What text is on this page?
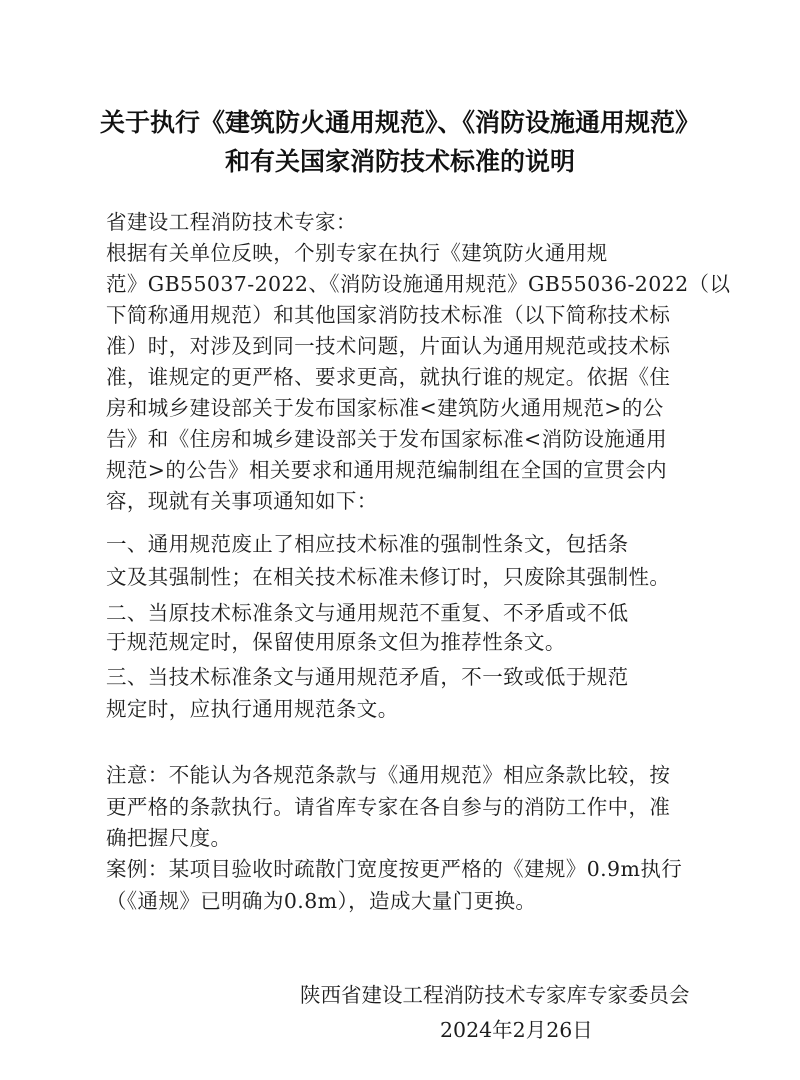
关于执行《建筑防火通用规范》、《消防设施通用规范》
和有关国家消防技术标准的说明
省建设工程消防技术专家：
根据有关单位反映，个别专家在执行《建筑防火通用规
范》GB55037-2022、《消防设施通用规范》GB55036-2022（以
下简称通用规范）和其他国家消防技术标准（以下简称技术标
准）时，对涉及到同一技术问题，片面认为通用规范或技术标
准，谁规定的更严格、要求更高，就执行谁的规定。依据《住
房和城乡建设部关于发布国家标准<建筑防火通用规范>的公
告》和《住房和城乡建设部关于发布国家标准<消防设施通用
规范>的公告》相关要求和通用规范编制组在全国的宣贯会内
容，现就有关事项通知如下：
一、通用规范废止了相应技术标准的强制性条文，包括条
文及其强制性；在相关技术标准未修订时，只废除其强制性。
二、当原技术标准条文与通用规范不重复、不矛盾或不低
于规范规定时，保留使用原条文但为推荐性条文。
三、当技术标准条文与通用规范矛盾，不一致或低于规范
规定时，应执行通用规范条文。
注意：不能认为各规范条款与《通用规范》相应条款比较，按
更严格的条款执行。请省库专家在各自参与的消防工作中，准
确把握尺度。
案例：某项目验收时疏散门宽度按更严格的《建规》0.9m执行
（《通规》已明确为0.8m），造成大量门更换。
陕西省建设工程消防技术专家库专家委员会
2024年2月26日
